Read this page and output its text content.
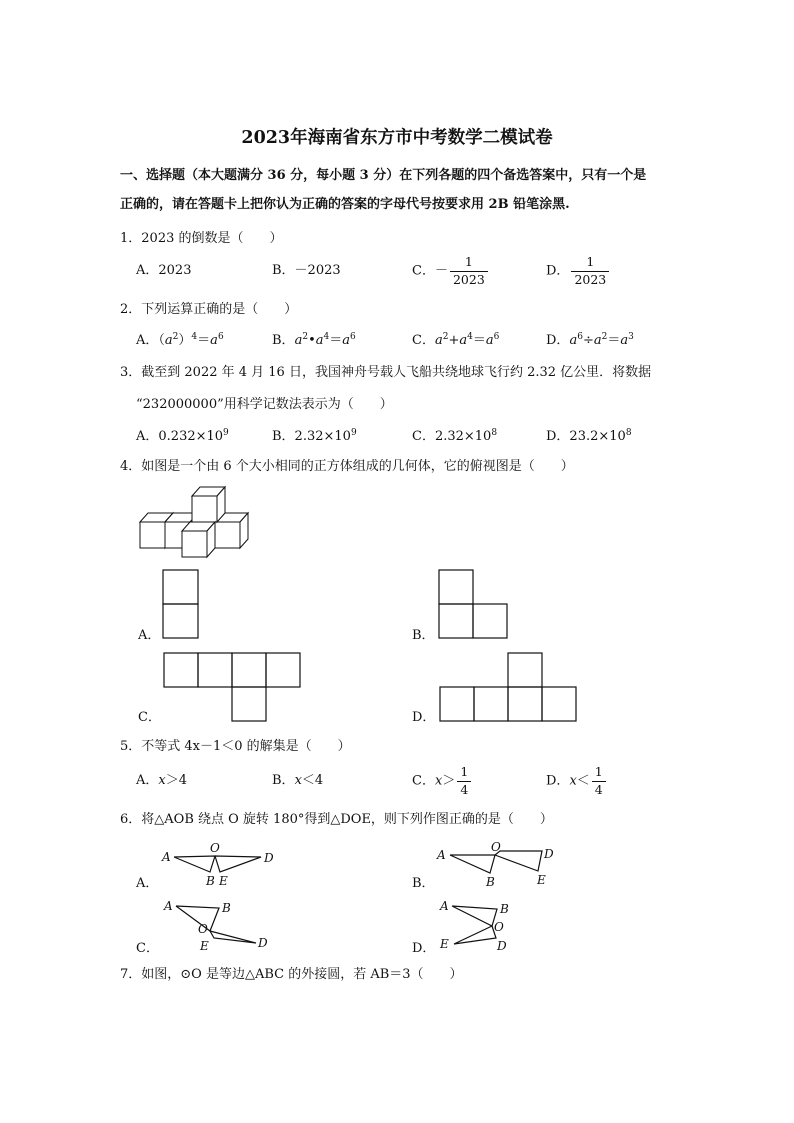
2023年海南省东方市中考数学二模试卷
一、选择题（本大题满分 36 分，每小题 3 分）在下列各题的四个备选答案中，只有一个是
正确的，请在答题卡上把你认为正确的答案的字母代号按要求用 2B 铅笔涂黑.
1．2023 的倒数是（　　）
A．2023	B．－2023	C．－ $\frac{1}{2023}$	D． $\frac{1}{2023}$
2．下列运算正确的是（　　）
A．$(a^2)^4=a^6$	B．$a^2•a^4=a^6$	C．$a^2+a^4=a^6$	D．$a^6\div a^2=a^3$
3．截至到 2022 年 4 月 16 日，我国神舟号载人飞船共绕地球飞行约 2.32 亿公里．将数据
“232000000”用科学记数法表示为（　　）
A．$0.232\times 10^9$	B．$2.32\times 10^9$	C．$2.32\times 10^8$	D．$23.2\times 10^8$
4．如图是一个由 6 个大小相同的正方体组成的几何体，它的俯视图是（　　）
A．	B．
C．	D．
5．不等式 4x－1＜0 的解集是（　　）
A．x＞4	B．x＜4	C．$x> \frac{1}{4}$	D．$x< \frac{1}{4}$
6．将△AOB 绕点 O 旋转 180°得到△DOE，则下列作图正确的是（　　）
A．
A
O
D
B E	B．
A
O	D
B	E
C．
A	B
O
E	D	D．
A	B
O
E	D
7．如图，⊙O 是等边△ABC 的外接圆，若 AB＝3（　　）
